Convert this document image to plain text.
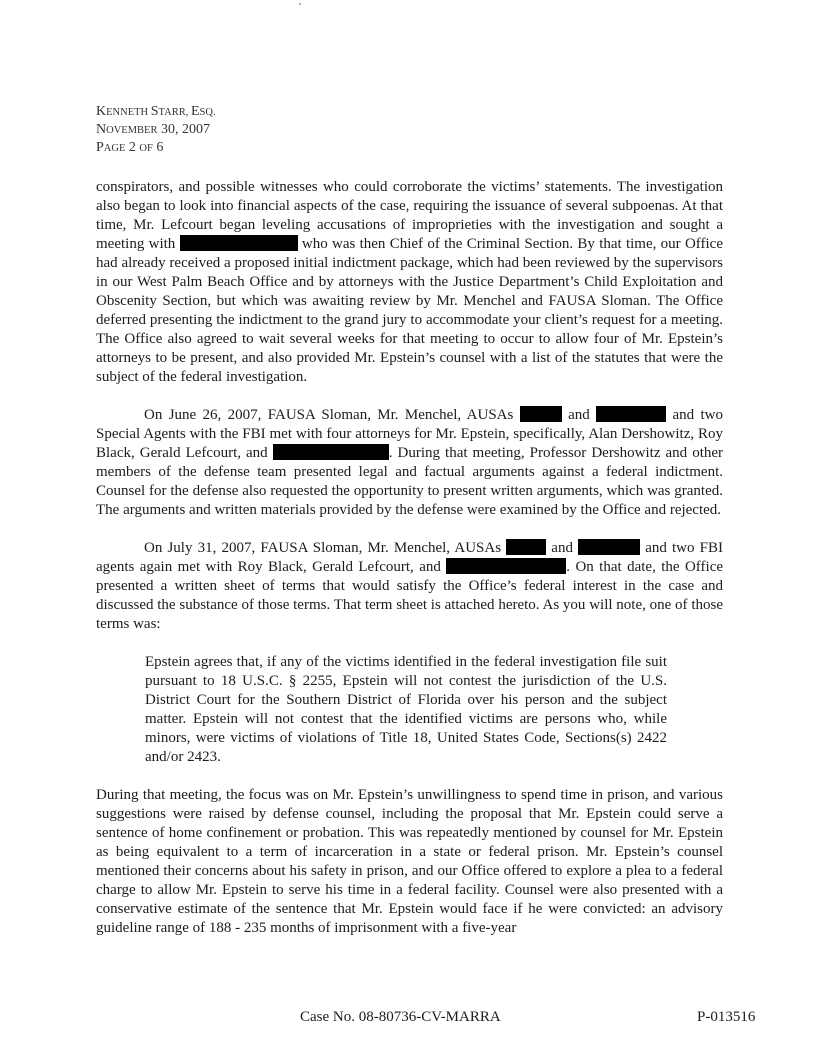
KENNETH STARR, ESQ.
NOVEMBER 30, 2007
PAGE 2 OF 6

conspirators, and possible witnesses who could corroborate the victims’ statements. The investigation also began to look into financial aspects of the case, requiring the issuance of several subpoenas. At that time, Mr. Lefcourt began leveling accusations of improprieties with the investigation and sought a meeting with	who was then Chief of the Criminal Section. By that time, our Office had already received a proposed initial indictment package, which had been reviewed by the supervisors in our West Palm Beach Office and by attorneys with the Justice Department’s Child Exploitation and Obscenity Section, but which was awaiting review by Mr. Menchel and FAUSA Sloman. The Office deferred presenting the indictment to the grand jury to accommodate your client’s request for a meeting. The Office also agreed to wait several weeks for that meeting to occur to allow four of Mr. Epstein’s attorneys to be present, and also provided Mr. Epstein’s counsel with a list of the statutes that were the subject of the federal investigation.

On June 26, 2007, FAUSA Sloman, Mr. Menchel, AUSAs	and	and two Special Agents with the FBI met with four attorneys for Mr. Epstein, specifically, Alan Dershowitz, Roy Black, Gerald Lefcourt, and	. During that meeting, Professor Dershowitz and other members of the defense team presented legal and factual arguments against a federal indictment. Counsel for the defense also requested the opportunity to present written arguments, which was granted. The arguments and written materials provided by the defense were examined by the Office and rejected.

On July 31, 2007, FAUSA Sloman, Mr. Menchel, AUSAs	and	and two FBI agents again met with Roy Black, Gerald Lefcourt, and	. On that date, the Office presented a written sheet of terms that would satisfy the Office’s federal interest in the case and discussed the substance of those terms. That term sheet is attached hereto. As you will note, one of those terms was:

Epstein agrees that, if any of the victims identified in the federal investigation file suit pursuant to 18 U.S.C. § 2255, Epstein will not contest the jurisdiction of the U.S. District Court for the Southern District of Florida over his person and the subject matter. Epstein will not contest that the identified victims are persons who, while minors, were victims of violations of Title 18, United States Code, Sections(s) 2422 and/or 2423.

During that meeting, the focus was on Mr. Epstein’s unwillingness to spend time in prison, and various suggestions were raised by defense counsel, including the proposal that Mr. Epstein could serve a sentence of home confinement or probation. This was repeatedly mentioned by counsel for Mr. Epstein as being equivalent to a term of incarceration in a state or federal prison. Mr. Epstein’s counsel mentioned their concerns about his safety in prison, and our Office offered to explore a plea to a federal charge to allow Mr. Epstein to serve his time in a federal facility. Counsel were also presented with a conservative estimate of the sentence that Mr. Epstein would face if he were convicted: an advisory guideline range of 188 - 235 months of imprisonment with a five-year

Case No. 08-80736-CV-MARRA	P-013516
